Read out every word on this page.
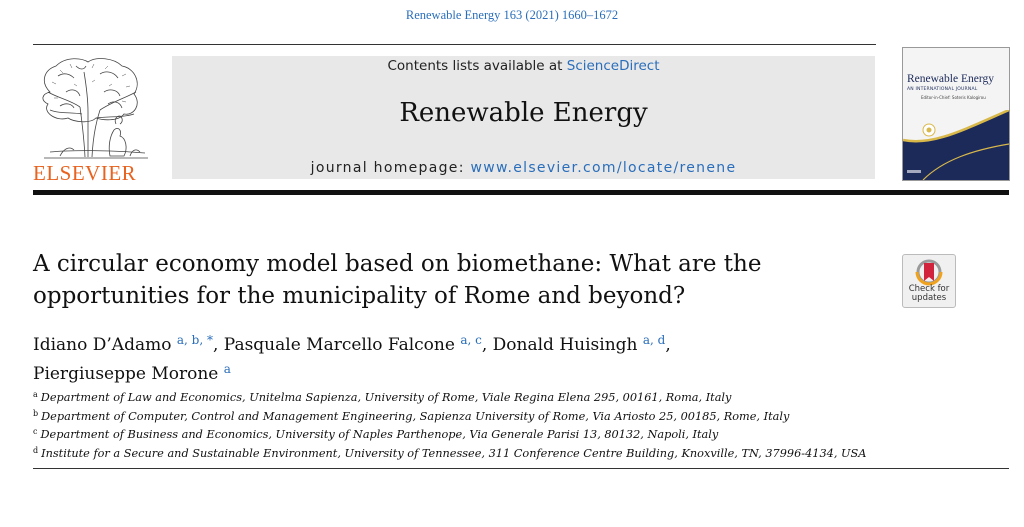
Renewable Energy 163 (2021) 1660–1672
ELSEVIER
Contents lists available at ScienceDirect
Renewable Energy
journal homepage: www.elsevier.com/locate/renene

Renewable Energy
AN INTERNATIONAL JOURNAL
Editor-in-Chief: Soteris Kalogirou
A circular economy model based on biomethane: What are the opportunities for the municipality of Rome and beyond?	Check for
updates
Idiano D’Adamo $^{a, b, *}$, Pasquale Marcello Falcone $^{a, c}$, Donald Huisingh $^{a, d}$,
Piergiuseppe Morone $^a$
$^a$ Department of Law and Economics, Unitelma Sapienza, University of Rome, Viale Regina Elena 295, 00161, Roma, Italy
$^b$ Department of Computer, Control and Management Engineering, Sapienza University of Rome, Via Ariosto 25, 00185, Rome, Italy
$^c$ Department of Business and Economics, University of Naples Parthenope, Via Generale Parisi 13, 80132, Napoli, Italy
$^d$ Institute for a Secure and Sustainable Environment, University of Tennessee, 311 Conference Centre Building, Knoxville, TN, 37996-4134, USA
